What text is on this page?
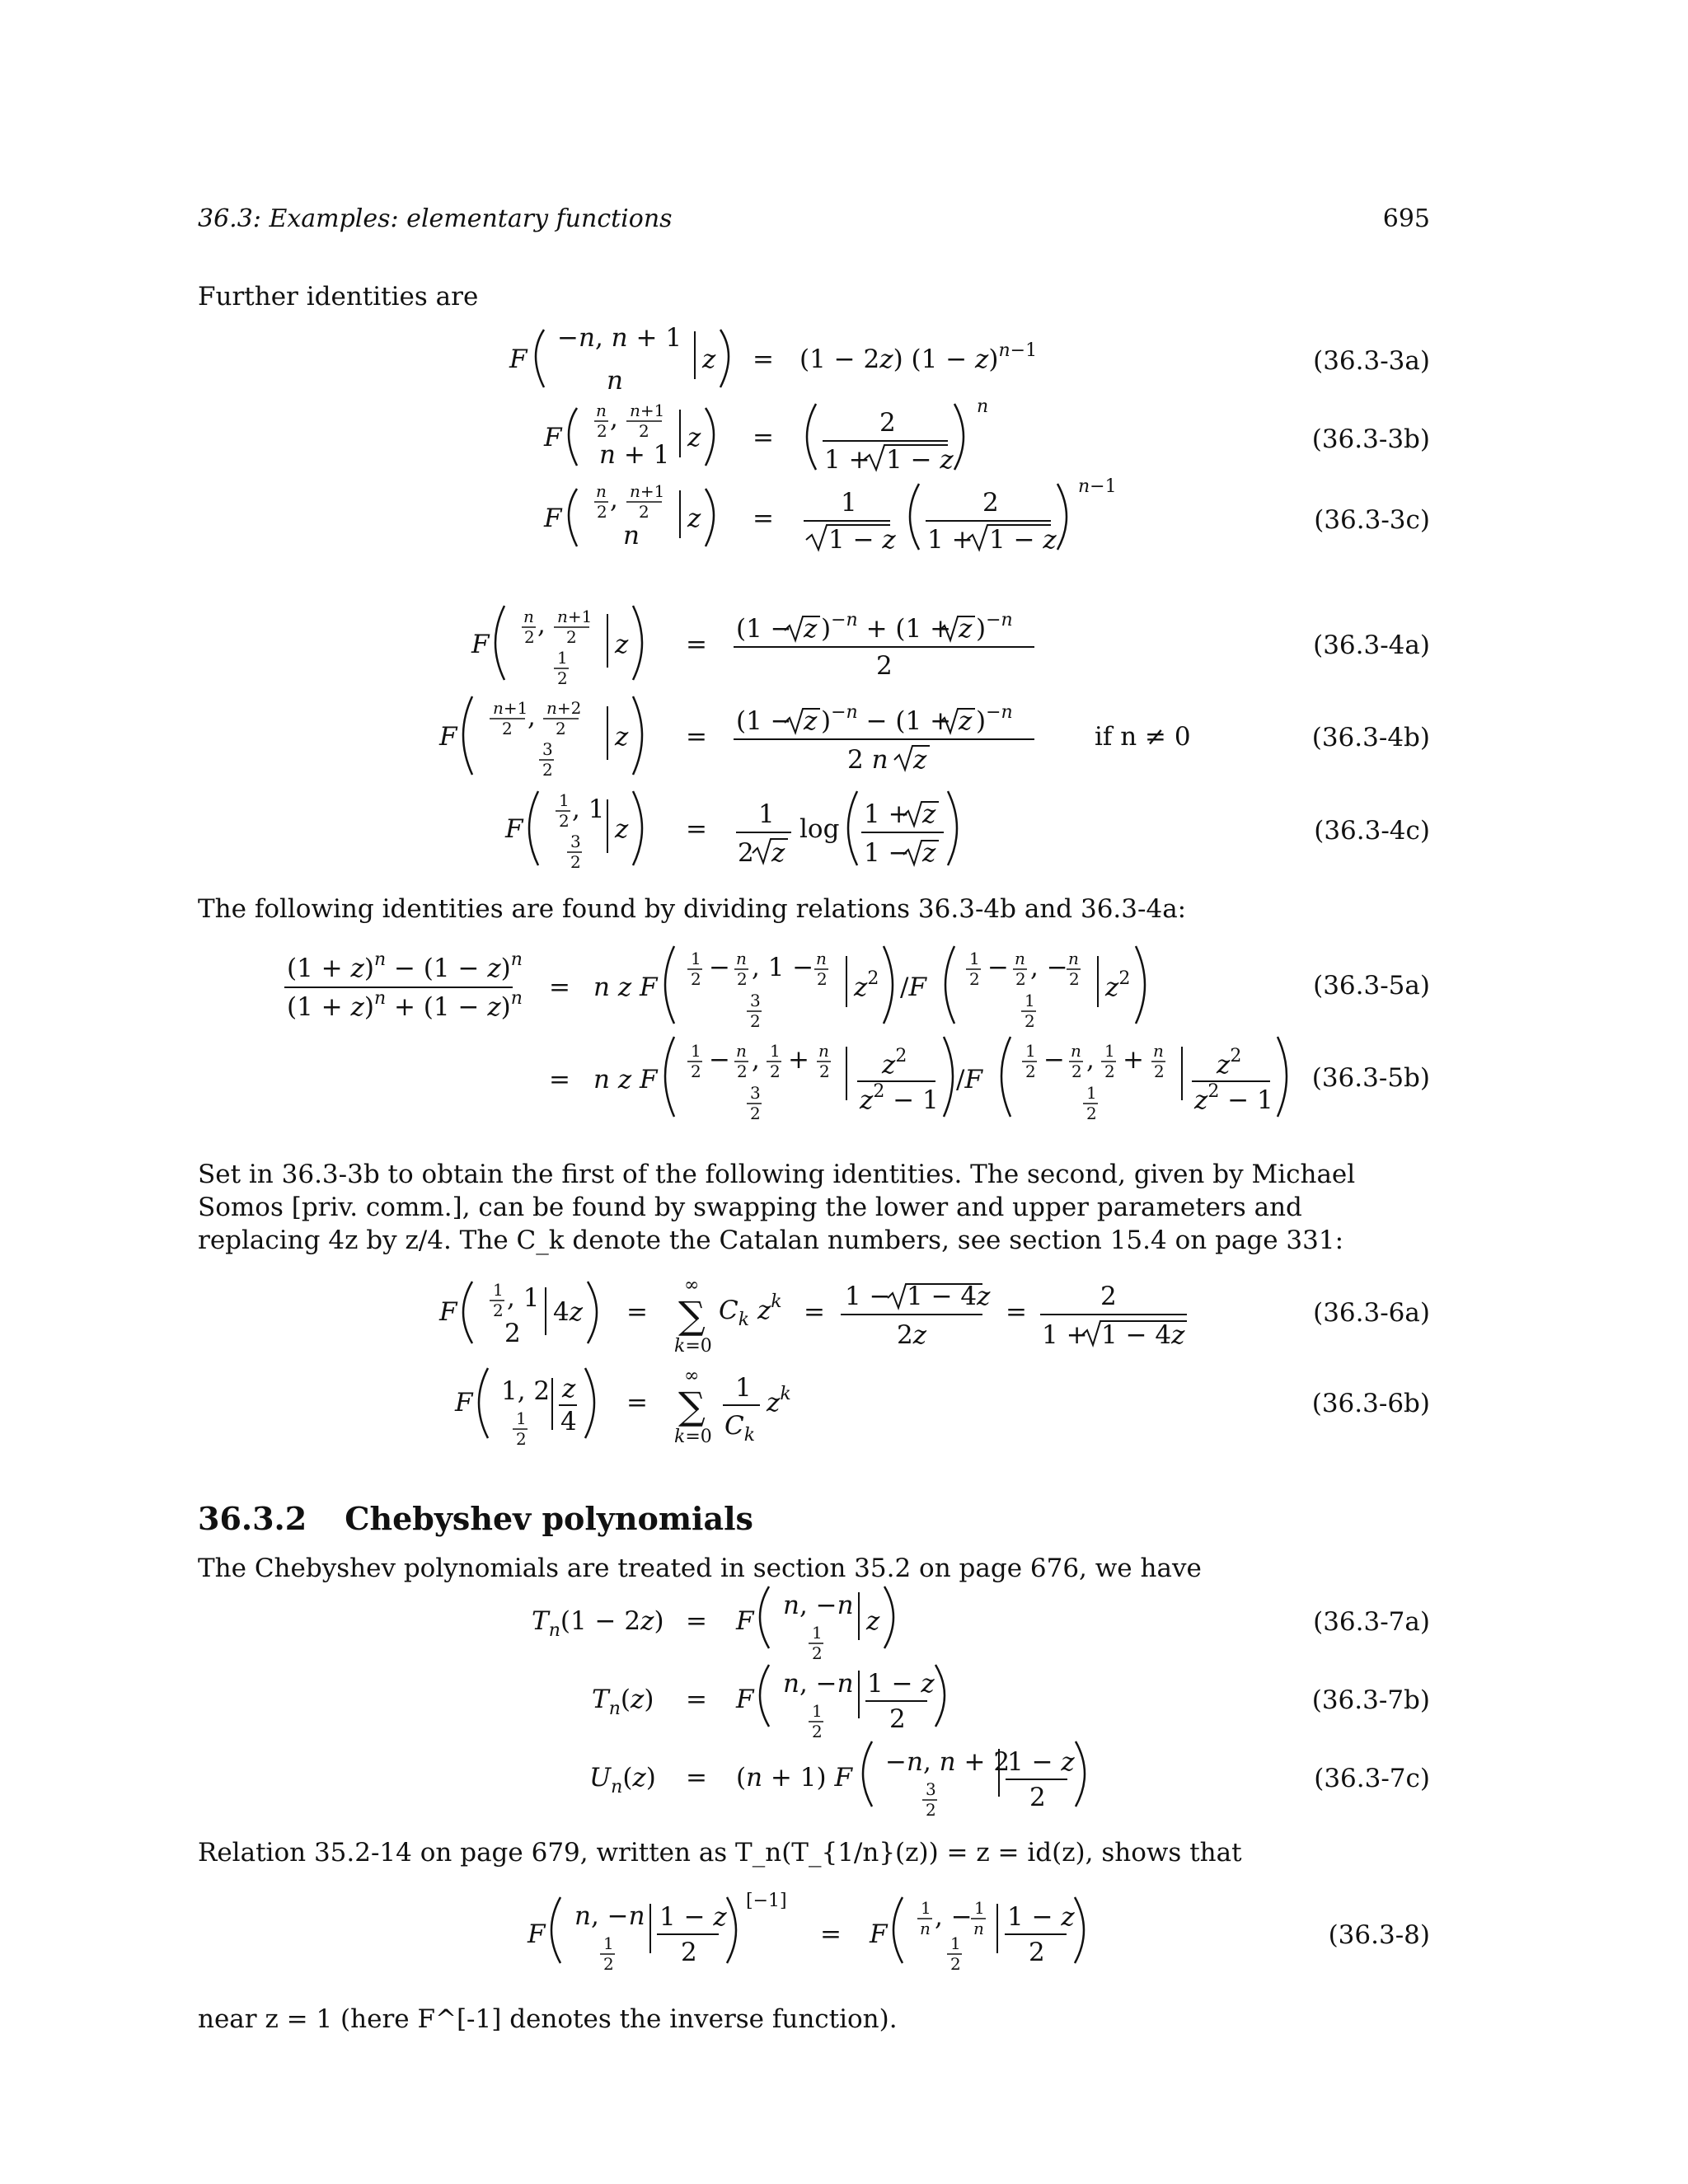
36.3: Examples: elementary functions	695
Further identities are
The following identities are found by dividing relations 36.3-4b and 36.3-4a:
Set in 36.3-3b to obtain the first of the following identities. The second, given by Michael Somos [priv. comm.], can be found by swapping the lower and upper parameters and replacing 4z by z/4. The C_k denote the Catalan numbers, see section 15.4 on page 331:
36.3.2 Chebyshev polynomials
The Chebyshev polynomials are treated in section 35.2 on page 676, we have
Relation 35.2-14 on page 679, written as T_n(T_{1/n}(z)) = z = id(z), shows that
near z = 1 (here F^[-1] denotes the inverse function).
(36.3-3a)
(36.3-3b)
(36.3-3c)
(36.3-4a)
(36.3-4b)
(36.3-4c)
(36.3-5a)
(36.3-5b)
(36.3-6a)
(36.3-6b)
(36.3-7a)
(36.3-7b)
(36.3-7c)
(36.3-8)
F
−n, n + 1
n
z = (1 − 2z) $(1 - z)^{n-1}$
F
n
2 , n+1
2
n + 1
z =	2
1 + 1 − z
n
F
n
2 , n+1
2
n
z =
1
1 − z
2
1 + 1 − z
n−1
F
n
2 , n+1
2
1
2
z =
(1 − z )$^{-n}$ + (1 + z )$^{-n}$
2
F
n+1
2 , n+2
2
3
2
z =
(1 − z )$^{-n}$ − (1 + z )$^{-n}$
2 n z
if n ≠ 0
F
1
2 , 1
3
2
z = 1
2 z
log 1 + z
1 − z
$(1 + z)^n - (1 - z)^n$
$(1 + z)^n + (1 - z)^n = n$ z F
1
2 − n
2 , 1 − n
2
3
2
$z^2$ /F
1
2 − n
2 , − n
2
1
2
$z^2$
= n z F
1
2 − n
2 , 1
2 + n
2
3
2
$z^2$
$z^2 - 1$
/F
1
2 − n
2 , 1
2 + n
2
1
2
$z^2$
$z^2 - 1$
F
1
2 , 1
2
4z =
∞
∑
k=0
$C_k$ $z^k$ =
1 − 1 − 4z
2z
=
2
1 + 1 − 4z
F 1, 2
1
2
z
4
=
∞
∑
k=0
1
$C_k$
$z^k$
$T_n(1 - 2z) = F$
n, −n
1
2
z
$T_n(z) = F$
n, −n
1
2
1 − z
2
$U_n(z) = (n + 1)$ F
−n, n + 2
3
2
1 − z
2
F
n, −n
1
2
1 − z
2
[−1]
= F
1
n , − 1
n
1
2
1 − z
2
